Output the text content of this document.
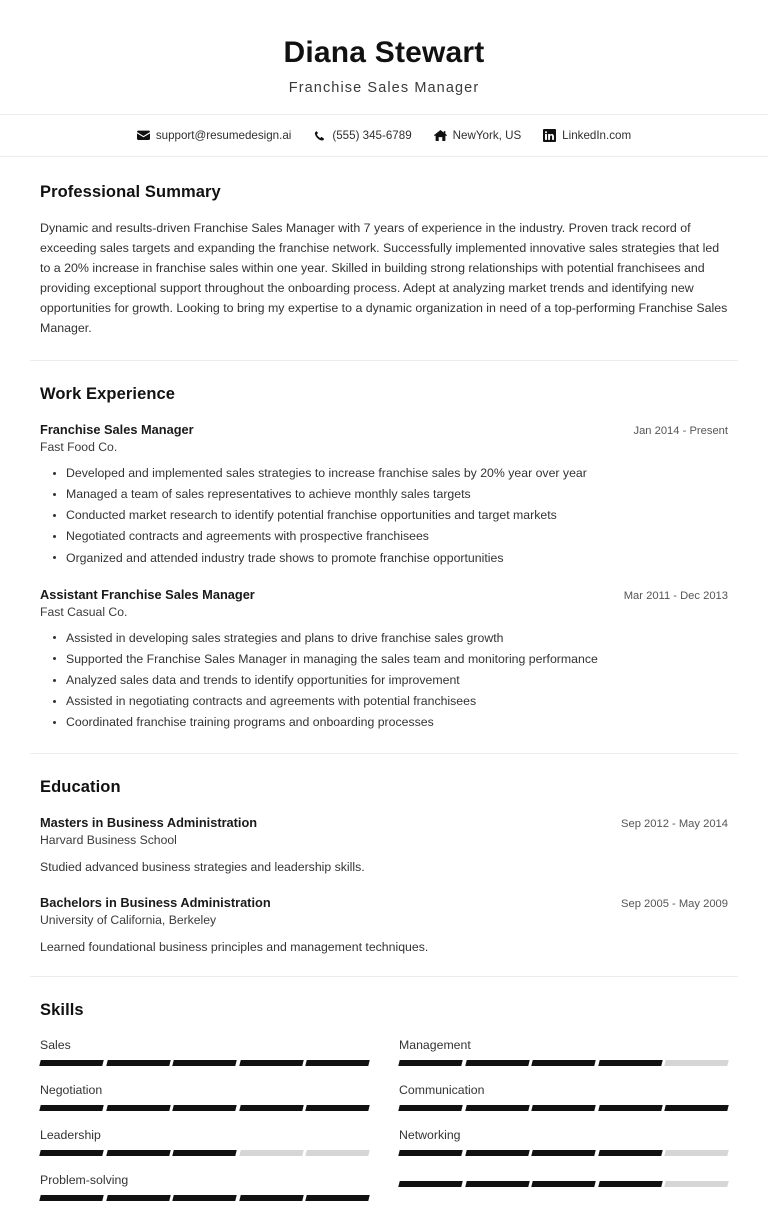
Diana Stewart
Franchise Sales Manager
support@resumedesign.ai	(555) 345-6789	NewYork, US	LinkedIn.com
Professional Summary

Dynamic and results-driven Franchise Sales Manager with 7 years of experience in the industry. Proven track record of exceeding sales targets and expanding the franchise network. Successfully implemented innovative sales strategies that led to a 20% increase in franchise sales within one year. Skilled in building strong relationships with potential franchisees and providing exceptional support throughout the onboarding process. Adept at analyzing market trends and identifying new opportunities for growth. Looking to bring my expertise to a dynamic organization in need of a top-performing Franchise Sales Manager.

Work Experience
Franchise Sales Manager	Jan 2014 - Present
Fast Food Co.
Developed and implemented sales strategies to increase franchise sales by 20% year over year
Managed a team of sales representatives to achieve monthly sales targets
Conducted market research to identify potential franchise opportunities and target markets
Negotiated contracts and agreements with prospective franchisees
Organized and attended industry trade shows to promote franchise opportunities
Assistant Franchise Sales Manager	Mar 2011 - Dec 2013
Fast Casual Co.
Assisted in developing sales strategies and plans to drive franchise sales growth
Supported the Franchise Sales Manager in managing the sales team and monitoring performance
Analyzed sales data and trends to identify opportunities for improvement
Assisted in negotiating contracts and agreements with potential franchisees
Coordinated franchise training programs and onboarding processes
Education
Masters in Business Administration	Sep 2012 - May 2014
Harvard Business School
Studied advanced business strategies and leadership skills.
Bachelors in Business Administration	Sep 2005 - May 2009
University of California, Berkeley
Learned foundational business principles and management techniques.
Skills
Sales	Management
Negotiation	Communication
Leadership	Networking
Problem-solving
